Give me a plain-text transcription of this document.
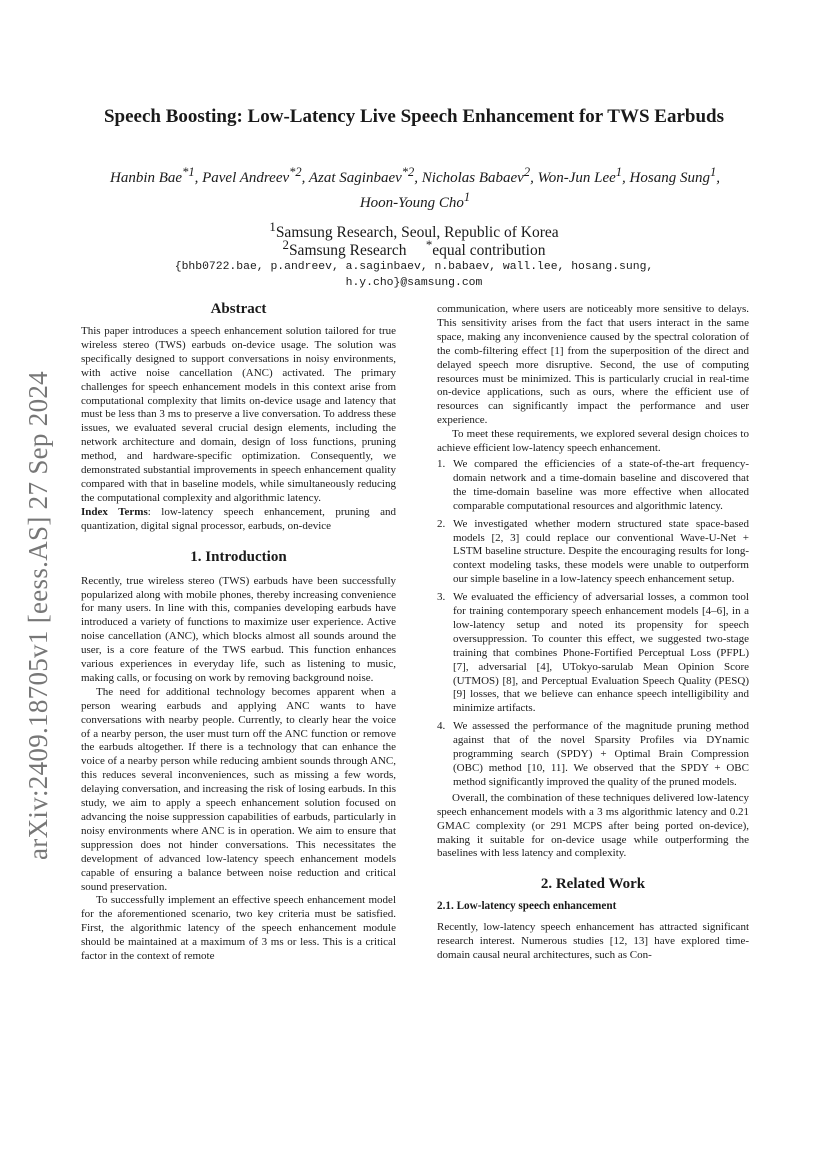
arXiv:2409.18705v1 [eess.AS] 27 Sep 2024
Speech Boosting: Low-Latency Live Speech Enhancement for TWS Earbuds
Hanbin Bae$^{*1}$, Pavel Andreev$^{*2}$, Azat Saginbaev$^{*2}$, Nicholas Babaev$^2$, Won-Jun Lee$^1$, Hosang Sung$^1$,
Hoon-Young Cho$^1$
$^1$Samsung Research, Seoul, Republic of Korea
$^2$Samsung Research *equal contribution
{bhb0722.bae, p.andreev, a.saginbaev, n.babaev, wall.lee, hosang.sung,
h.y.cho}@samsung.com
Abstract

This paper introduces a speech enhancement solution tailored for true wireless stereo (TWS) earbuds on-device usage. The solution was specifically designed to support conversations in noisy environments, with active noise cancellation (ANC) activated. The primary challenges for speech enhancement models in this context arise from computational complexity that limits on-device usage and latency that must be less than 3 ms to preserve a live conversation. To address these issues, we evaluated several crucial design elements, including the network architecture and domain, design of loss functions, pruning method, and hardware-specific optimization. Consequently, we demonstrated substantial improvements in speech enhancement quality compared with that in baseline models, while simultaneously reducing the computational complexity and algorithmic latency.

Index Terms: low-latency speech enhancement, pruning and quantization, digital signal processor, earbuds, on-device

1. Introduction

Recently, true wireless stereo (TWS) earbuds have been successfully popularized along with mobile phones, thereby increasing convenience for many users. In line with this, companies developing earbuds have introduced a variety of functions to maximize user experience. Active noise cancellation (ANC), which blocks almost all sounds around the user, is a core feature of the TWS earbud. This function enhances various experiences in everyday life, such as listening to music, making calls, or focusing on work by removing background noise.

The need for additional technology becomes apparent when a person wearing earbuds and applying ANC wants to have conversations with nearby people. Currently, to clearly hear the voice of a nearby person, the user must turn off the ANC function or remove the earbuds altogether. If there is a technology that can enhance the voice of a nearby person while reducing ambient sounds through ANC, this reduces several inconveniences, such as missing a few words, delaying conversation, and increasing the risk of losing earbuds. In this study, we aim to apply a speech enhancement solution focused on advancing the noise suppression capabilities of earbuds, particularly in noisy environments where ANC is in operation. We aim to ensure that suppression does not hinder conversations. This necessitates the development of advanced low-latency speech enhancement models capable of ensuring a balance between noise reduction and critical sound preservation.

To successfully implement an effective speech enhancement model for the aforementioned scenario, two key criteria must be satisfied. First, the algorithmic latency of the speech enhancement module should be maintained at a maximum of 3 ms or less. This is a critical factor in the context of remote

communication, where users are noticeably more sensitive to delays. This sensitivity arises from the fact that users interact in the same space, making any inconvenience caused by the spectral coloration of the comb-filtering effect [1] from the superposition of the direct and delayed speech more disruptive. Second, the use of computing resources must be minimized. This is particularly crucial in real-time on-device applications, such as ours, where the efficient use of resources can significantly impact the performance and user experience.

To meet these requirements, we explored several design choices to achieve efficient low-latency speech enhancement.

1. We compared the efficiencies of a state-of-the-art frequency-domain network and a time-domain baseline and discovered that the time-domain baseline was more effective when allocated comparable computational resources and algorithmic latency.
2. We investigated whether modern structured state space-based models [2, 3] could replace our conventional Wave-U-Net + LSTM baseline structure. Despite the encouraging results for long-context modeling tasks, these models were unable to outperform our simple baseline in a low-latency speech enhancement setup.
3. We evaluated the efficiency of adversarial losses, a common tool for training contemporary speech enhancement models [4–6], in a low-latency setup and noted its propensity for speech oversuppression. To counter this effect, we suggested two-stage training that combines Phone-Fortified Perceptual Loss (PFPL) [7], adversarial [4], UTokyo-sarulab Mean Opinion Score (UTMOS) [8], and Perceptual Evaluation Speech Quality (PESQ) [9] losses, that we believe can enhance speech intelligibility and minimize artifacts.
4. We assessed the performance of the magnitude pruning method against that of the novel Sparsity Profiles via DYnamic programming search (SPDY) + Optimal Brain Compression (OBC) method [10, 11]. We observed that the SPDY + OBC method significantly improved the quality of the pruned models.

Overall, the combination of these techniques delivered low-latency speech enhancement models with a 3 ms algorithmic latency and 0.21 GMAC complexity (or 291 MCPS after being ported on-device), making it suitable for on-device usage while outperforming the baselines with less latency and complexity.

2. Related Work
2.1. Low-latency speech enhancement

Recently, low-latency speech enhancement has attracted significant research interest. Numerous studies [12, 13] have explored time-domain causal neural architectures, such as Con-
